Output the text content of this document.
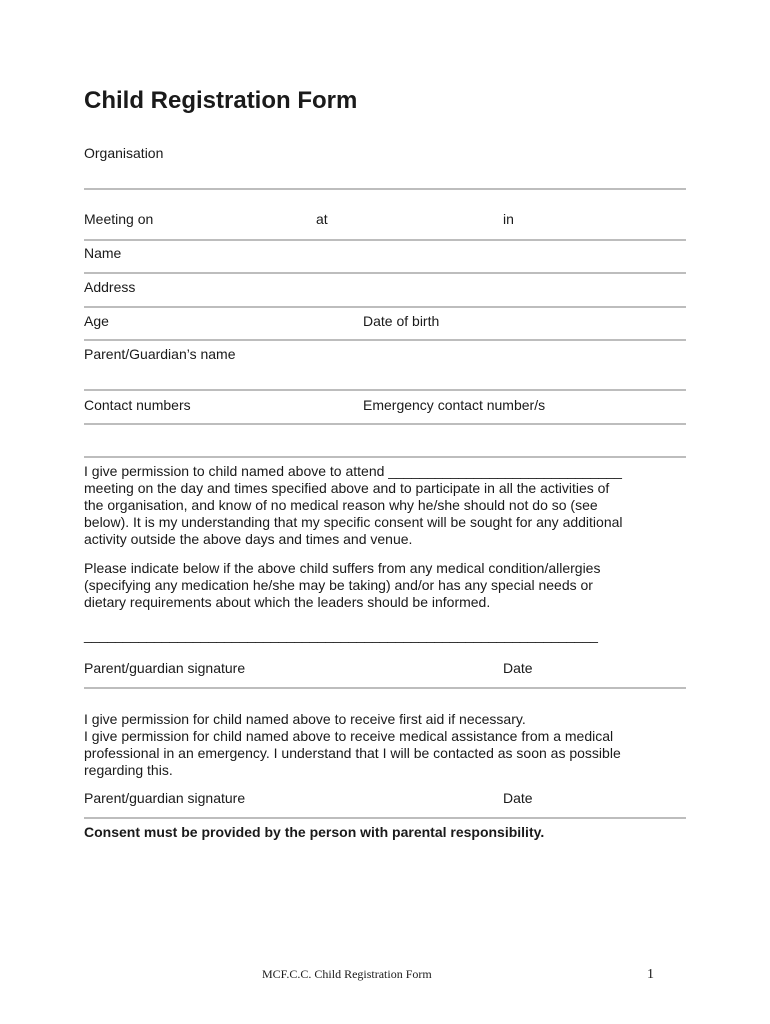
Child Registration Form

Organisation

Meeting on	at	in

Name

Address

Age	Date of birth

Parent/Guardian’s name

Contact numbers	Emergency contact number/s

I give permission to child named above to attend ______________________________
meeting on the day and times specified above and to participate in all the activities of
the organisation, and know of no medical reason why he/she should not do so (see
below). It is my understanding that my specific consent will be sought for any additional
activity outside the above days and times and venue.
Please indicate below if the above child suffers from any medical condition/allergies
(specifying any medication he/she may be taking) and/or has any special needs or
dietary requirements about which the leaders should be informed.

__________________________________________________________________

Parent/guardian signature	Date

I give permission for child named above to receive first aid if necessary.
I give permission for child named above to receive medical assistance from a medical
professional in an emergency. I understand that I will be contacted as soon as possible
regarding this.

Parent/guardian signature	Date

Consent must be provided by the person with parental responsibility.

MCF.C.C. Child Registration Form	1
